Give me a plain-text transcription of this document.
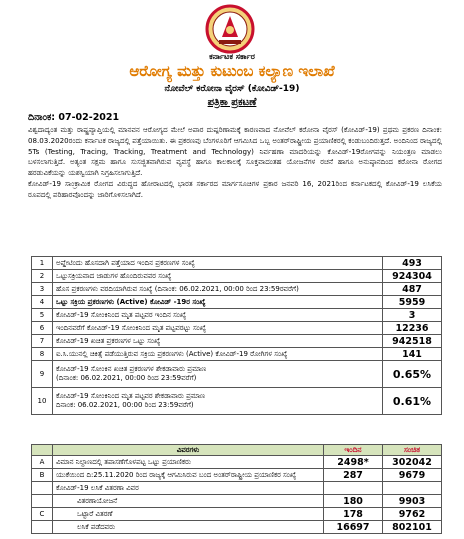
ಕರ್ನಾಟಕ ಸರ್ಕಾರ
ಆರೋಗ್ಯ ಮತ್ತು ಕುಟುಂಬ ಕಲ್ಯಾಣ ಇಲಾಖೆ
ನೋವೆಲ್ ಕರೋನಾ ವೈರಸ್ (ಕೋವಿಡ್-19)
ಪತ್ರಿಕಾ ಪ್ರಕಟಣೆ
ದಿನಾಂಕ: 07-02-2021

ವಿಶ್ವದಾದ್ಯಂತ ಮತ್ತು ರಾಷ್ಟ್ರವ್ಯಾಪ್ತಿಯಲ್ಲಿ ಮಾನವನ ಆರೋಗ್ಯದ ಮೇಲೆ ಅಪಾರ ದುಷ್ಪರಿಣಾಮಕ್ಕೆ ಕಾರಣವಾದ ನೋವೆಲ್ ಕರೋನಾ ವೈರಸ್ (ಕೋವಿಡ್-19) ಪ್ರಥಮ ಪ್ರಕರಣ ದಿನಾಂಕ: 08.03.2020ರಂದು ಕರ್ನಾಟಕ ರಾಜ್ಯದಲ್ಲಿ ಪತ್ತೆಯಾಯಿತು. ಈ ಪ್ರಕರಣವು ಬೆಂಗಳೂರಿಗೆ ಆಗಮಿಸಿದ ಒಬ್ಬ ಅಂತರ್‌ರಾಷ್ಟ್ರೀಯ ಪ್ರಯಾಣಿಕರಲ್ಲಿ ಕಂಡುಬಂದಿರುತ್ತದೆ. ಅಂದಿನಿಂದ ರಾಜ್ಯದಲ್ಲಿ 5Ts (Testing, Tracing, Tracking, Treatment and Technology) ನಿರ್ವಹಣಾ ಮಾದರಿಯನ್ನು ಕೋವಿಡ್-19ರೋಗವನ್ನು ನಿಯಂತ್ರಣ ಮಾಡಲು ಬಳಸಲಾಗುತ್ತಿದೆ. ಅತ್ಯಂತ ಸಕ್ಷಮ ಹಾಗೂ ಸುಸಜ್ಜಿತವಾಗಿರುವ ವ್ಯವಸ್ಥೆ ಹಾಗೂ ಕಾಲಕಾಲಕ್ಕೆ ಸೂಕ್ತವಾದಂತಹ ಯೋಜನೆಗಳ ರಚನೆ ಹಾಗೂ ಅನುಷ್ಠಾನದಿಂದ ಕರೋನಾ ರೋಗದ ಹರಡುವಿಕೆಯನ್ನು ಯಶಸ್ವಿಯಾಗಿ ನಿಗ್ರಹಿಸಲಾಗುತ್ತಿದೆ.

ಕೋವಿಡ್-19 ಸಾಂಕ್ರಾಮಿಕ ರೋಗದ ವಿರುದ್ಧದ ಹೋರಾಟದಲ್ಲಿ ಭಾರತ ಸರ್ಕಾರದ ಮಾರ್ಗಸೂಚಿಗಳ ಪ್ರಕಾರ ಜನವರಿ 16, 2021ರಿಂದ ಕರ್ನಾಟಕದಲ್ಲಿ ಕೋವಿಡ್-19 ಲಸಿಕೆಯ ರೂಪದಲ್ಲಿ ಪರಿಹಾರವೊಂದನ್ನು ಜಾರಿಗೊಳಿಸಲಾಗಿದೆ.

1	ಅಪ್ಡೇಟಿಂದು ಹೊಸದಾಗಿ ಪತ್ತೆಯಾದ ಇಂದಿನ ಪ್ರಕರಣಗಳ ಸಂಖ್ಯೆ	493
2	ಒಟ್ಟುಸಕ್ರಿಯವಾದ ಜಾಡುಗಳ ಹೊಂದಿರುವವರ ಸಂಖ್ಯೆ	924304
3	ಹೊಸ ಪ್ರಕರಣಗಳು ವರದಿಯಾಗಿರುವ ಸಂಖ್ಯೆ (ದಿನಾಂಕ: 06.02.2021, 00:00 ರಿಂದ 23:59ರವರೆಗೆ)	487
4	ಒಟ್ಟು ಸಕ್ರಿಯ ಪ್ರಕರಣಗಳು (Active) ಕೋವಿಡ್ -19ರ ಸಂಖ್ಯೆ	5959
5	ಕೋವಿಡ್-19 ಸೋಂಕಿನಿಂದ ಮೃತ ಪಟ್ಟವರ ಇಂದಿನ ಸಂಖ್ಯೆ	3
6	ಇಂದಿನವರೆಗೆ ಕೋವಿಡ್-19 ಸೋಂಕಿನಿಂದ ಮೃತ ಪಟ್ಟವರಟ್ಟು ಸಂಖ್ಯೆ	12236
7	ಕೋವಿಡ್-19 ಖಚಿತ ಪ್ರಕರಣಗಳ ಒಟ್ಟು ಸಂಖ್ಯೆ	942518
8	ಐ.ಸಿ.ಯುನಲ್ಲಿ ಚಿಕಿತ್ಸೆ ಪಡೆಯುತ್ತಿರುವ ಸಕ್ರಿಯ ಪ್ರಕರಣಗಳು (Active) ಕೋವಿಡ್-19 ರೋಗಿಗಳ ಸಂಖ್ಯೆ	141
9	ಕೋವಿಡ್-19 ಸೋಂಕಿನ ಖಚಿತ ಪ್ರಕರಣಗಳ ಶೇಕಡಾವಾರು ಪ್ರಮಾಣ
(ದಿನಾಂಕ: 06.02.2021, 00:00 ರಿಂದ 23:59ವರೆಗೆ)	0.65%
10	ಕೋವಿಡ್-19 ಸೋಂಕಿನಿಂದ ಮೃತ ಪಟ್ಟವರ ಶೇಕಡಾವಾರು ಪ್ರಮಾಣ
ದಿನಾಂಕ: 06.02.2021, 00:00 ರಿಂದ 23:59ವರೆಗೆ)	0.61%
	ವಿವರಗಳು	ಇಂದಿನ	ಸಂಚಿತ
A	ವಿಮಾನ ನಿಲ್ದಾಣದಲ್ಲಿ ತಪಾಸಣೆಗೊಳಪಟ್ಟ ಒಟ್ಟು ಪ್ರಯಾಣಿಕರು	2498*	302042
B	ಯುಕೆಯಿಂದ ದಿ:25.11.2020 ರಿಂದ ರಾಜ್ಯಕ್ಕೆ ಆಗಮಿಸಿರುವ ಬಂದ ಅಂತರ್‌ರಾಷ್ಟ್ರೀಯ ಪ್ರಯಾಣಿಕರ ಸಂಖ್ಯೆ	287	9679
	ಕೋವಿಡ್-19 ಲಸಿಕೆ ವಿತರಣಾ ವಿವರ		
	ವಿತರಣಾಯೋಜನೆ	180	9903
C	ಒಟ್ಟಾರೆ ವಿತರಣೆ	178	9762
	ಲಸಿಕೆ ಪಡೆದವರು	16697	802101
